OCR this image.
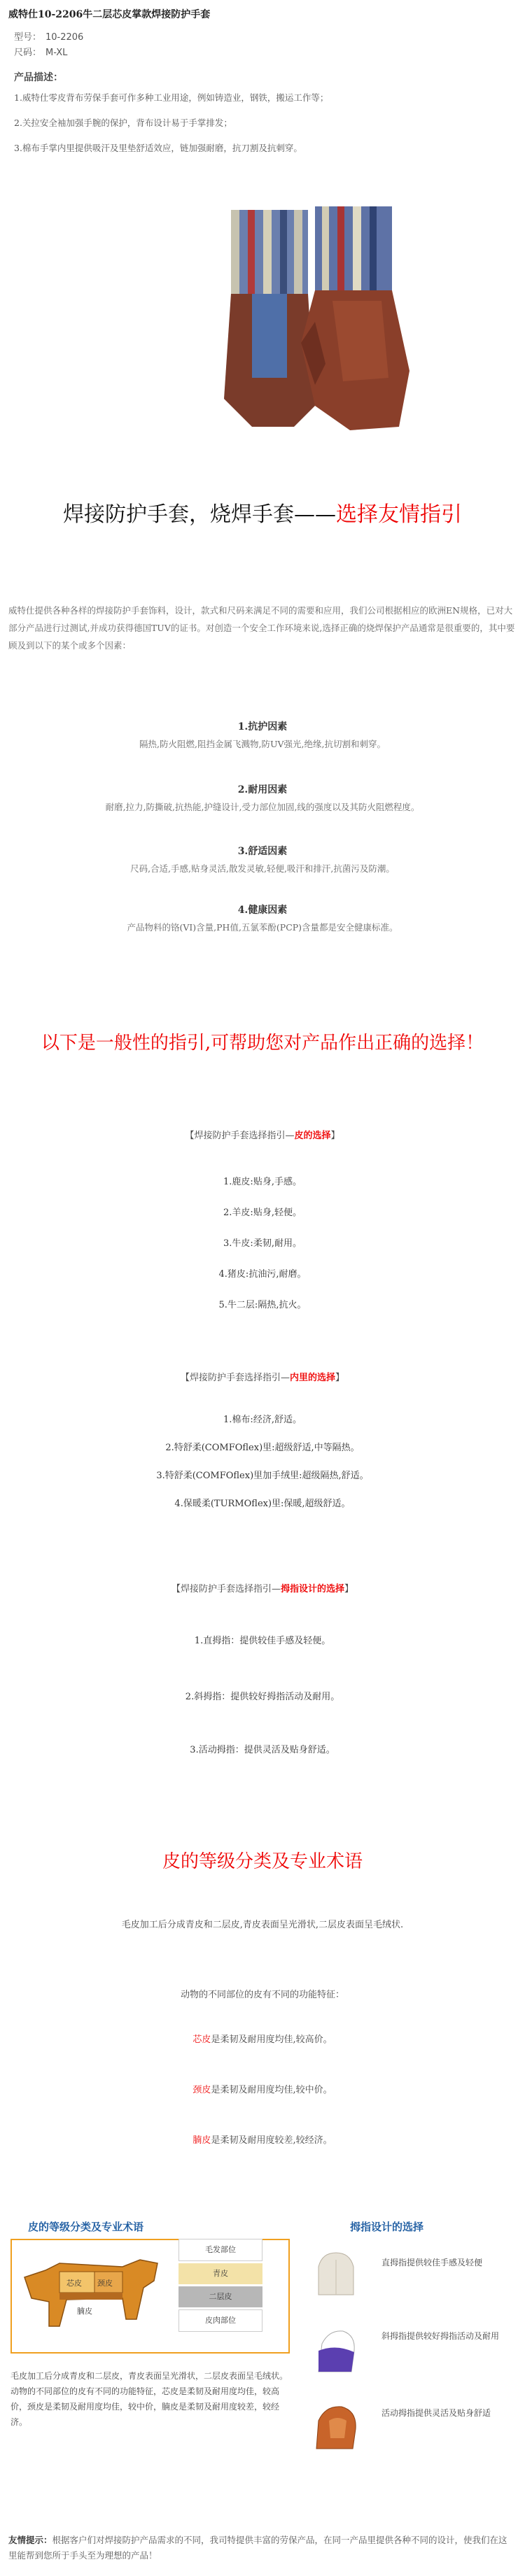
威特仕10-2206牛二层芯皮掌款焊接防护手套
型号： 10-2206
尺码： M-XL
产品描述：
1.威特仕零皮背布劳保手套可作多种工业用途，例如铸造业，钢铁，搬运工作等；
2.关拉安全袖加强手腕的保护，背布设计易于手掌排发；
3.棉布手掌内里提供吸汗及里垫舒适效应，链加强耐磨，抗刀割及抗刺穿。
焊接防护手套，烧焊手套——选择友情指引
威特仕提供各种各样的焊接防护手套饰料，设计，款式和尺码来满足不同的需要和应用，我们公司根据相应的欧洲EN规格，已对大部分产品进行过测试,并成功获得德国TUV的证书。对创造一个安全工作环境来说,选择正确的烧焊保护产品通常是很重要的，其中要顾及到以下的某个或多个因素：
1.抗护因素
隔热,防火阻燃,阻挡金属飞溅物,防UV强光,绝缘,抗切割和刺穿。
2.耐用因素
耐磨,拉力,防撕破,抗热能,护缝设计,受力部位加固,线的强度以及其防火阻燃程度。
3.舒适因素
尺码,合适,手感,贴身灵活,散发灵敏,轻便,吸汗和排汗,抗菌污及防潮。
4.健康因素
产品物料的铬(VI)含量,PH值,五氯苯酚(PCP)含量都是安全健康标准。
以下是一般性的指引,可帮助您对产品作出正确的选择！
【焊接防护手套选择指引—皮的选择】
1.鹿皮:贴身,手感。
2.羊皮:贴身,轻便。
3.牛皮:柔韧,耐用。
4.猪皮:抗油污,耐磨。
5.牛二层:隔热,抗火。
【焊接防护手套选择指引—内里的选择】
1.棉布:经济,舒适。
2.特舒柔(COMFOflex)里:超级舒适,中等隔热。
3.特舒柔(COMFOflex)里加手绒里:超级隔热,舒适。
4.保暖柔(TURMOflex)里:保暖,超级舒适。
【焊接防护手套选择指引—拇指设计的选择】
1.直拇指：提供较佳手感及轻便。
2.斜拇指：提供较好拇指活动及耐用。
3.活动拇指：提供灵活及贴身舒适。
皮的等级分类及专业术语
毛皮加工后分成青皮和二层皮,青皮表面呈光滑状,二层皮表面呈毛绒状.
动物的不同部位的皮有不同的功能特征：
芯皮是柔韧及耐用度均佳,较高价。
颈皮是柔韧及耐用度均佳,较中价。
腩皮是柔韧及耐用度较差,较经济。
皮的等级分类及专业术语	拇指设计的选择
芯皮 颈皮
腩皮
毛发部位
青皮
二层皮
皮肉部位
毛皮加工后分成青皮和二层皮，青皮表面呈光滑状，二层皮表面呈毛绒状。动物的不同部位的皮有不同的功能特征，芯皮是柔韧及耐用度均佳，较高价，颈皮是柔韧及耐用度均佳，较中价，腩皮是柔韧及耐用度较差，较经济。
直拇指提供较佳手感及轻便
斜拇指提供较好拇指活动及耐用
活动拇指提供灵活及贴身舒适
友情提示：根据客户们对焊接防护产品需求的不同，我司特提供丰富的劳保产品，在同一产品里提供各种不同的设计，使我们在这里能帮到您所于手头至为理想的产品！
